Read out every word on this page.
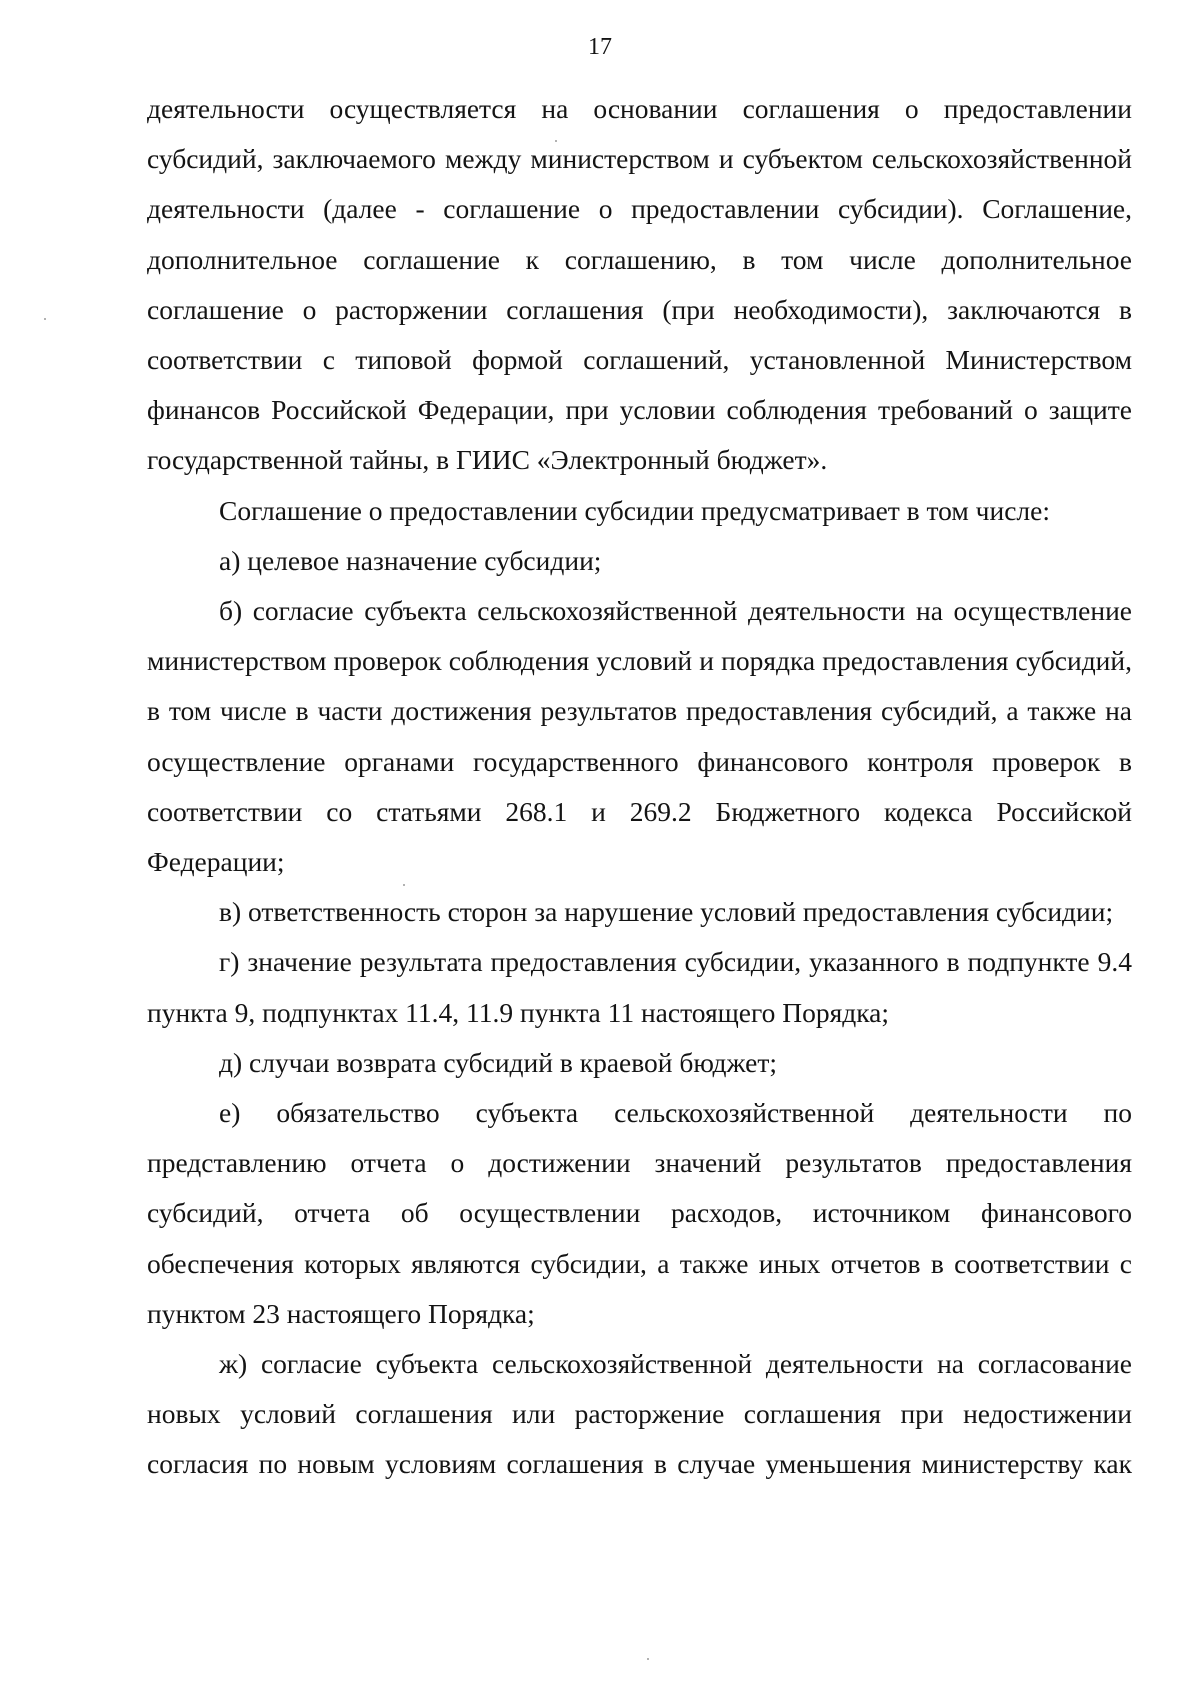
17

деятельности осуществляется на основании соглашения о предоставлении субсидий, заключаемого между министерством и субъектом сельскохозяйственной деятельности (далее - соглашение о предоставлении субсидии). Соглашение, дополнительное соглашение к соглашению, в том числе дополнительное соглашение о расторжении соглашения (при необходимости), заключаются в соответствии с типовой формой соглашений, установленной Министерством финансов Российской Федерации, при условии соблюдения требований о защите государственной тайны, в ГИИС «Электронный бюджет».

Соглашение о предоставлении субсидии предусматривает в том числе:

а) целевое назначение субсидии;

б) согласие субъекта сельскохозяйственной деятельности на осуществление министерством проверок соблюдения условий и порядка предоставления субсидий, в том числе в части достижения результатов предоставления субсидий, а также на осуществление органами государственного финансового контроля проверок в соответствии со статьями 268.1 и 269.2 Бюджетного кодекса Российской Федерации;

в) ответственность сторон за нарушение условий предоставления субсидии;

г) значение результата предоставления субсидии, указанного в подпункте 9.4 пункта 9, подпунктах 11.4, 11.9 пункта 11 настоящего Порядка;

д) случаи возврата субсидий в краевой бюджет;

е) обязательство субъекта сельскохозяйственной деятельности по представлению отчета о достижении значений результатов предоставления субсидий, отчета об осуществлении расходов, источником финансового обеспечения которых являются субсидии, а также иных отчетов в соответствии с пунктом 23 настоящего Порядка;

ж) согласие субъекта сельскохозяйственной деятельности на согласование новых условий соглашения или расторжение соглашения при недостижении согласия по новым условиям соглашения в случае уменьшения министерству как
